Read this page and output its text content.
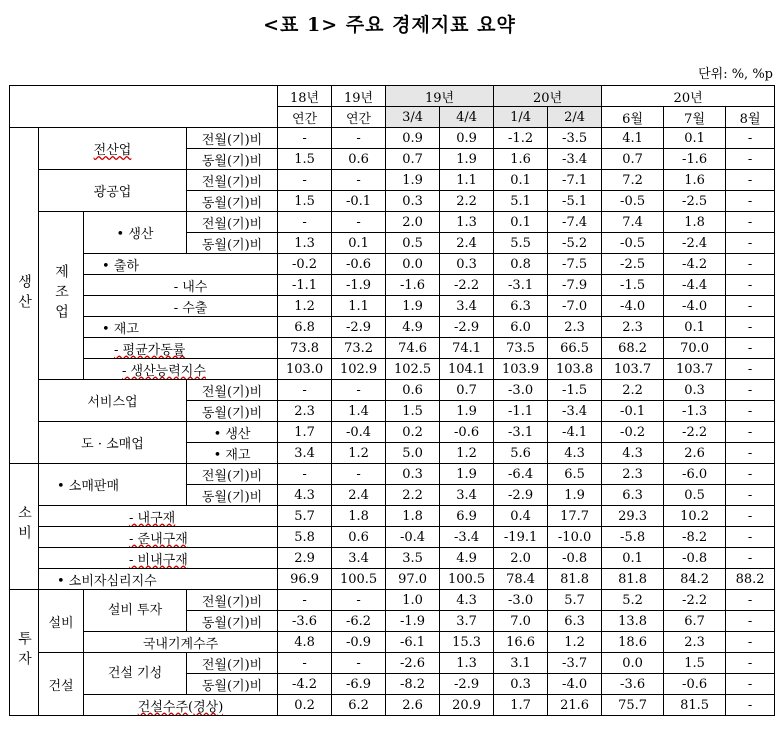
<표 1> 주요 경제지표 요약
단위: %, %p
				18년	19년	19년		20년		20년		
				연간	연간	3/4	4/4	1/4	2/4	6월	7월	8월
생산	전산업		전월(기)비	-	-	0.9	0.9	-1.2	-3.5	4.1	0.1	-
			동월(기)비	1.5	0.6	0.7	1.9	1.6	-3.4	0.7	-1.6	-
	광공업		전월(기)비	-	-	1.9	1.1	0.1	-7.1	7.2	1.6	-
			동월(기)비	1.5	-0.1	0.3	2.2	5.1	-5.1	-0.5	-2.5	-
	제조업	• 생산	전월(기)비	-	-	2.0	1.3	0.1	-7.4	7.4	1.8	-
			동월(기)비	1.3	0.1	0.5	2.4	5.5	-5.2	-0.5	-2.4	-
		• 출하		-0.2	-0.6	0.0	0.3	0.8	-7.5	-2.5	-4.2	-
		- 내수		-1.1	-1.9	-1.6	-2.2	-3.1	-7.9	-1.5	-4.4	-
		- 수출		1.2	1.1	1.9	3.4	6.3	-7.0	-4.0	-4.0	-
		• 재고		6.8	-2.9	4.9	-2.9	6.0	2.3	2.3	0.1	-
		- 평균가동률		73.8	73.2	74.6	74.1	73.5	66.5	68.2	70.0	-
		- 생산능력지수		103.0	102.9	102.5	104.1	103.9	103.8	103.7	103.7	-
	서비스업		전월(기)비	-	-	0.6	0.7	-3.0	-1.5	2.2	0.3	-
			동월(기)비	2.3	1.4	1.5	1.9	-1.1	-3.4	-0.1	-1.3	-
	도 · 소매업		• 생산	1.7	-0.4	0.2	-0.6	-3.1	-4.1	-0.2	-2.2	-
			• 재고	3.4	1.2	5.0	1.2	5.6	4.3	4.3	2.6	-
소비	• 소매판매		전월(기)비	-	-	0.3	1.9	-6.4	6.5	2.3	-6.0	-
			동월(기)비	4.3	2.4	2.2	3.4	-2.9	1.9	6.3	0.5	-
	- 내구재			5.7	1.8	1.8	6.9	0.4	17.7	29.3	10.2	-
	- 준내구재			5.8	0.6	-0.4	-3.4	-19.1	-10.0	-5.8	-8.2	-
	- 비내구재			2.9	3.4	3.5	4.9	2.0	-0.8	0.1	-0.8	-
	• 소비자심리지수			96.9	100.5	97.0	100.5	78.4	81.8	81.8	84.2	88.2
투자	설비	설비 투자	전월(기)비	-	-	1.0	4.3	-3.0	5.7	5.2	-2.2	-
			동월(기)비	-3.6	-6.2	-1.9	3.7	7.0	6.3	13.8	6.7	-
		국내기계수주		4.8	-0.9	-6.1	15.3	16.6	1.2	18.6	2.3	-
	건설	건설 기성	전월(기)비	-	-	-2.6	1.3	3.1	-3.7	0.0	1.5	-
			동월(기)비	-4.2	-6.9	-8.2	-2.9	0.3	-4.0	-3.6	-0.6	-
		건설수주(경상)		0.2	6.2	2.6	20.9	1.7	21.6	75.7	81.5	-
